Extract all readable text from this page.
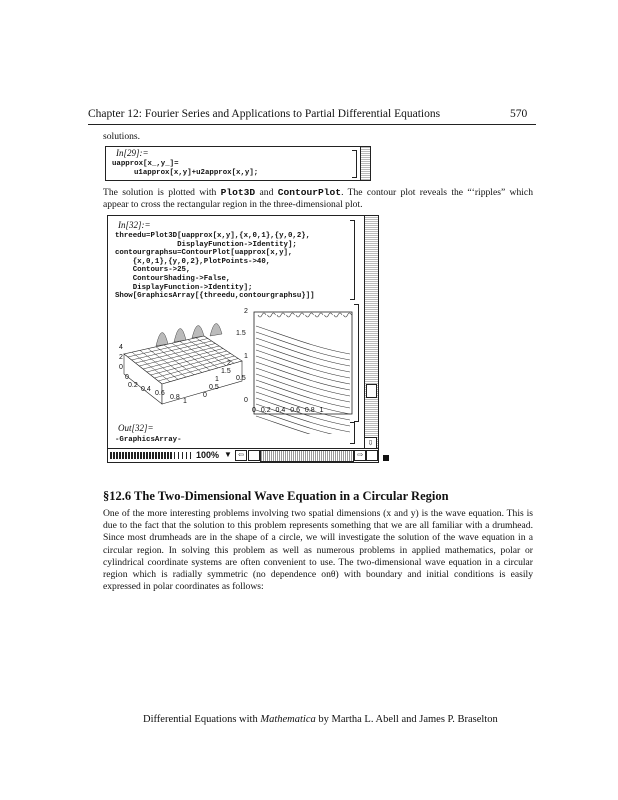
Chapter 12: Fourier Series and Applications to Partial Differential Equations	570
solutions.
In[29]:=
uapprox[x_,y_]=
u1approx[x,y]+u2approx[x,y];
The solution is plotted with Plot3D and ContourPlot. The contour plot reveals the “‘ripples” which appear to cross the rectangular region in the three-dimensional plot.
In[32]:=
threedu=Plot3D[uapprox[x,y],{x,0,1},{y,0,2},
DisplayFunction->Identity];
contourgraphsu=ContourPlot[uapprox[x,y],
{x,0,1},{y,0,2},PlotPoints->40,
Contours->25,
ContourShading->False,
DisplayFunction->Identity];
Show[GraphicsArray[{threedu,contourgraphsu}]]
4
2
0
0
0.2
0.4
0.6
0.8
1
0
0.5
1
1.5
2
2
1.5
1
0.5
0
0 0.2 0.4 0.6 0.8 1
Out[32]=
-GraphicsArray-	⇩
100% ▼ ⇦	⇨
§12.6 The Two-Dimensional Wave Equation in a Circular Region
One of the more interesting problems involving two spatial dimensions (x and y) is the wave equation. This is due to the fact that the solution to this problem represents something that we are all familiar with a drumhead. Since most drumheads are in the shape of a circle, we will investigate the solution of the wave equation in a circular region. In solving this problem as well as numerous problems in applied mathematics, polar or cylindrical coordinate systems are often convenient to use. The two-dimensional wave equation in a circular region which is radially symmetric (no dependence onθ) with boundary and initial conditions is easily expressed in polar coordinates as follows:
Differential Equations with Mathematica by Martha L. Abell and James P. Braselton
